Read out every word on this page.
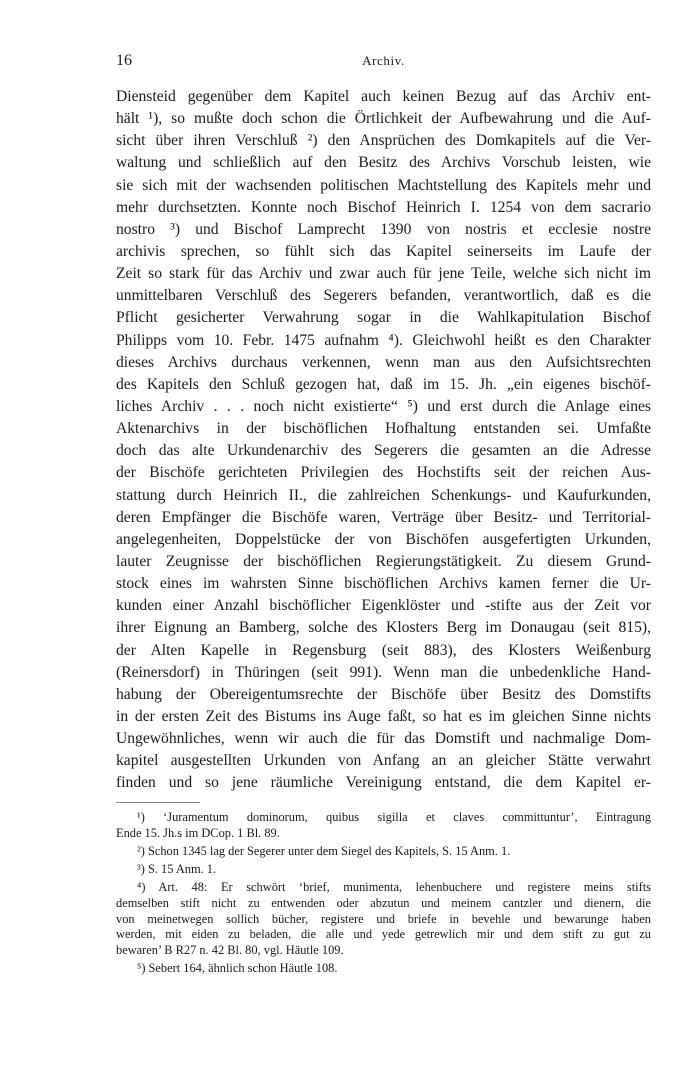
16	Archiv.
Diensteid gegenüber dem Kapitel auch keinen Bezug auf das Archiv ent-
hält ¹), so mußte doch schon die Örtlichkeit der Aufbewahrung und die Auf-
sicht über ihren Verschluß ²) den Ansprüchen des Domkapitels auf die Ver-
waltung und schließlich auf den Besitz des Archivs Vorschub leisten, wie
sie sich mit der wachsenden politischen Machtstellung des Kapitels mehr und
mehr durchsetzten. Konnte noch Bischof Heinrich I. 1254 von dem sacrario
nostro ³) und Bischof Lamprecht 1390 von nostris et ecclesie nostre
archivis sprechen, so fühlt sich das Kapitel seinerseits im Laufe der
Zeit so stark für das Archiv und zwar auch für jene Teile, welche sich nicht im
unmittelbaren Verschluß des Segerers befanden, verantwortlich, daß es die
Pflicht gesicherter Verwahrung sogar in die Wahlkapitulation Bischof
Philipps vom 10. Febr. 1475 aufnahm ⁴). Gleichwohl heißt es den Charakter
dieses Archivs durchaus verkennen, wenn man aus den Aufsichtsrechten
des Kapitels den Schluß gezogen hat, daß im 15. Jh. „ein eigenes bischöf-
liches Archiv . . . noch nicht existierte“ ⁵) und erst durch die Anlage eines
Aktenarchivs in der bischöflichen Hofhaltung entstanden sei. Umfaßte
doch das alte Urkundenarchiv des Segerers die gesamten an die Adresse
der Bischöfe gerichteten Privilegien des Hochstifts seit der reichen Aus-
stattung durch Heinrich II., die zahlreichen Schenkungs- und Kaufurkunden,
deren Empfänger die Bischöfe waren, Verträge über Besitz- und Territorial-
angelegenheiten, Doppelstücke der von Bischöfen ausgefertigten Urkunden,
lauter Zeugnisse der bischöflichen Regierungstätigkeit. Zu diesem Grund-
stock eines im wahrsten Sinne bischöflichen Archivs kamen ferner die Ur-
kunden einer Anzahl bischöflicher Eigenklöster und -stifte aus der Zeit vor
ihrer Eignung an Bamberg, solche des Klosters Berg im Donaugau (seit 815),
der Alten Kapelle in Regensburg (seit 883), des Klosters Weißenburg
(Reinersdorf) in Thüringen (seit 991). Wenn man die unbedenkliche Hand-
habung der Obereigentumsrechte der Bischöfe über Besitz des Domstifts
in der ersten Zeit des Bistums ins Auge faßt, so hat es im gleichen Sinne nichts
Ungewöhnliches, wenn wir auch die für das Domstift und nachmalige Dom-
kapitel ausgestellten Urkunden von Anfang an an gleicher Stätte verwahrt
finden und so jene räumliche Vereinigung entstand, die dem Kapitel er-
¹) ‘Juramentum dominorum, quibus sigilla et claves committuntur’, Eintragung
Ende 15. Jh.s im DCop. 1 Bl. 89.
²) Schon 1345 lag der Segerer unter dem Siegel des Kapitels, S. 15 Anm. 1.
³) S. 15 Anm. 1.
⁴) Art. 48: Er schwört ‘brief, munimenta, lehenbuchere und registere meins stifts
demselben stift nicht zu entwenden oder abzutun und meinem cantzler und dienern, die
von meinetwegen sollich bücher, registere und briefe in bevehle und bewarunge haben
werden, mit eiden zu beladen, die alle und yede getrewlich mir und dem stift zu gut zu
bewaren’ B R27 n. 42 Bl. 80, vgl. Häutle 109.
⁵) Sebert 164, ähnlich schon Häutle 108.
